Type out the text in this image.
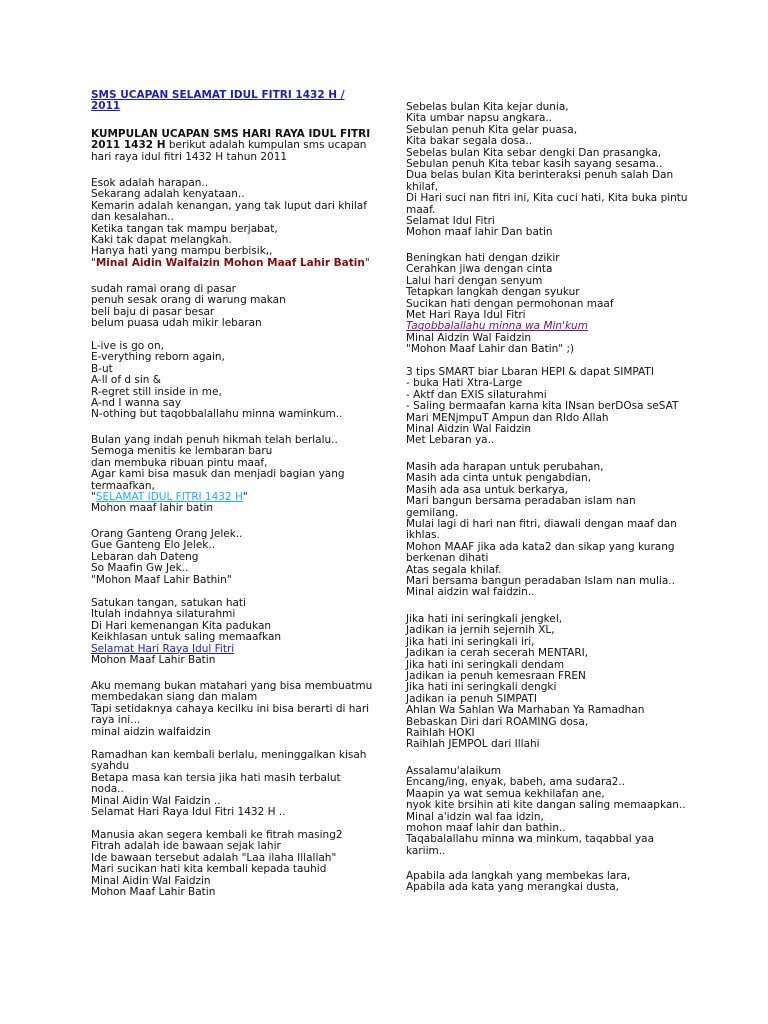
SMS UCAPAN SELAMAT IDUL FITRI 1432 H /
2011
KUMPULAN UCAPAN SMS HARI RAYA IDUL FITRI
2011 1432 H berikut adalah kumpulan sms ucapan
hari raya idul fitri 1432 H tahun 2011
Esok adalah harapan..
Sekarang adalah kenyataan..
Kemarin adalah kenangan, yang tak luput dari khilaf
dan kesalahan..
Ketika tangan tak mampu berjabat,
Kaki tak dapat melangkah.
Hanya hati yang mampu berbisik,,
"Minal Aidin Walfaizin Mohon Maaf Lahir Batin"
sudah ramai orang di pasar
penuh sesak orang di warung makan
beli baju di pasar besar
belum puasa udah mikir lebaran
L-ive is go on,
E-verything reborn again,
B-ut
A-ll of d sin &
R-egret still inside in me,
A-nd I wanna say
N-othing but taqobbalallahu minna waminkum..
Bulan yang indah penuh hikmah telah berlalu..
Semoga menitis ke lembaran baru
dan membuka ribuan pintu maaf,
Agar kami bisa masuk dan menjadi bagian yang
termaafkan,
"SELAMAT IDUL FITRI 1432 H"
Mohon maaf lahir batin
Orang Ganteng Orang Jelek..
Gue Ganteng Elo Jelek..
Lebaran dah Dateng
So Maafin Gw Jek..
"Mohon Maaf Lahir Bathin"
Satukan tangan, satukan hati
Itulah indahnya silaturahmi
Di Hari kemenangan Kita padukan
Keikhlasan untuk saling memaafkan
Selamat Hari Raya Idul Fitri
Mohon Maaf Lahir Batin
Aku memang bukan matahari yang bisa membuatmu
membedakan siang dan malam
Tapi setidaknya cahaya kecilku ini bisa berarti di hari
raya ini...
minal aidzin walfaidzin
Ramadhan kan kembali berlalu, meninggalkan kisah
syahdu
Betapa masa kan tersia jika hati masih terbalut
noda..
Minal Aidin Wal Faidzin ..
Selamat Hari Raya Idul Fitri 1432 H ..
Manusia akan segera kembali ke fitrah masing2
Fitrah adalah ide bawaan sejak lahir
Ide bawaan tersebut adalah "Laa ilaha Illallah"
Mari sucikan hati kita kembali kepada tauhid
Minal Aidin Wal Faidzin
Mohon Maaf Lahir Batin
Sebelas bulan Kita kejar dunia,
Kita umbar napsu angkara..
Sebulan penuh Kita gelar puasa,
Kita bakar segala dosa..
Sebelas bulan Kita sebar dengki Dan prasangka,
Sebulan penuh Kita tebar kasih sayang sesama..
Dua belas bulan Kita berinteraksi penuh salah Dan
khilaf,
Di Hari suci nan fitri ini, Kita cuci hati, Kita buka pintu
maaf.
Selamat Idul Fitri
Mohon maaf lahir Dan batin
Beningkan hati dengan dzikir
Cerahkan jiwa dengan cinta
Lalui hari dengan senyum
Tetapkan langkah dengan syukur
Sucikan hati dengan permohonan maaf
Met Hari Raya Idul Fitri
Taqobbalallahu minna wa Min'kum
Minal Aidzin Wal Faidzin
"Mohon Maaf Lahir dan Batin" ;)
3 tips SMART biar Lbaran HEPI & dapat SIMPATI
- buka Hati Xtra-Large
- Aktf dan EXIS silaturahmi
- Saling bermaafan karna kita INsan berDOsa seSAT
Mari MENjmpuT Ampun dan RIdo Allah
Minal Aidzin Wal Faidzin
Met Lebaran ya..
Masih ada harapan untuk perubahan,
Masih ada cinta untuk pengabdian,
Masih ada asa untuk berkarya,
Mari bangun bersama peradaban islam nan
gemilang.
Mulai lagi di hari nan fitri, diawali dengan maaf dan
ikhlas.
Mohon MAAF jika ada kata2 dan sikap yang kurang
berkenan dihati
Atas segala khilaf.
Mari bersama bangun peradaban Islam nan mulia..
Minal aidzin wal faidzin..
Jika hati ini seringkali jengkel,
Jadikan ia jernih sejernih XL,
Jika hati ini seringkali iri,
Jadikan ia cerah secerah MENTARI,
Jika hati ini seringkali dendam
Jadikan ia penuh kemesraan FREN
Jika hati ini seringkali dengki
Jadikan ia penuh SIMPATI
Ahlan Wa Sahlan Wa Marhaban Ya Ramadhan
Bebaskan Diri dari ROAMING dosa,
Raihlah HOKI
Raihlah JEMPOL dari Illahi
Assalamu'alaikum
Encang/ing, enyak, babeh, ama sudara2..
Maapin ya wat semua kekhilafan ane,
nyok kite brsihin ati kite dangan saling memaapkan..
Minal a'idzin wal faa idzin,
mohon maaf lahir dan bathin..
Taqabalallahu minna wa minkum, taqabbal yaa
kariim..
Apabila ada langkah yang membekas lara,
Apabila ada kata yang merangkai dusta,
